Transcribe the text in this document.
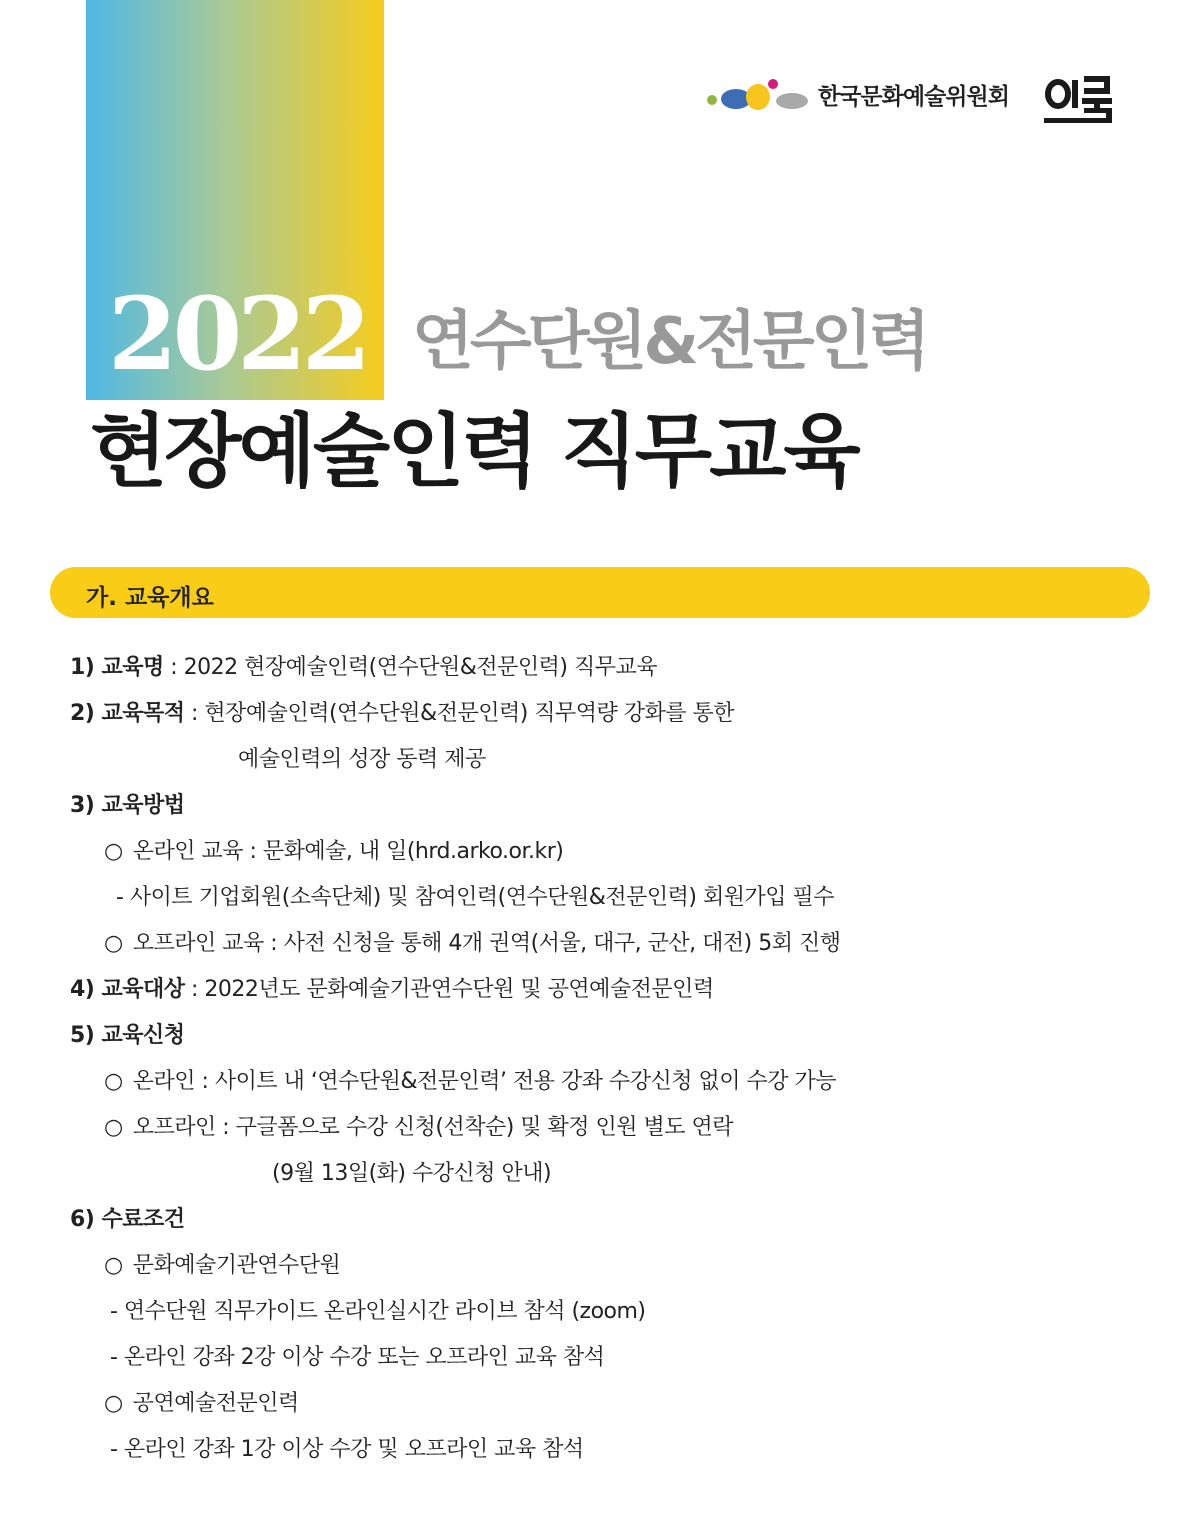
한국문화예술위원회
2022 연수단원&전문인력
현장예술인력 직무교육
가. 교육개요
1) 교육명 : 2022 현장예술인력(연수단원&전문인력) 직무교육
2) 교육목적 : 현장예술인력(연수단원&전문인력) 직무역량 강화를 통한
예술인력의 성장 동력 제공
3) 교육방법
○ 온라인 교육 : 문화예술, 내 일(hrd.arko.or.kr)
- 사이트 기업회원(소속단체) 및 참여인력(연수단원&전문인력) 회원가입 필수
○ 오프라인 교육 : 사전 신청을 통해 4개 권역(서울, 대구, 군산, 대전) 5회 진행
4) 교육대상 : 2022년도 문화예술기관연수단원 및 공연예술전문인력
5) 교육신청
○ 온라인 : 사이트 내 ‘연수단원&전문인력’ 전용 강좌 수강신청 없이 수강 가능
○ 오프라인 : 구글폼으로 수강 신청(선착순) 및 확정 인원 별도 연락
(9월 13일(화) 수강신청 안내)
6) 수료조건
○ 문화예술기관연수단원
- 연수단원 직무가이드 온라인실시간 라이브 참석 (zoom)
- 온라인 강좌 2강 이상 수강 또는 오프라인 교육 참석
○ 공연예술전문인력
- 온라인 강좌 1강 이상 수강 및 오프라인 교육 참석
